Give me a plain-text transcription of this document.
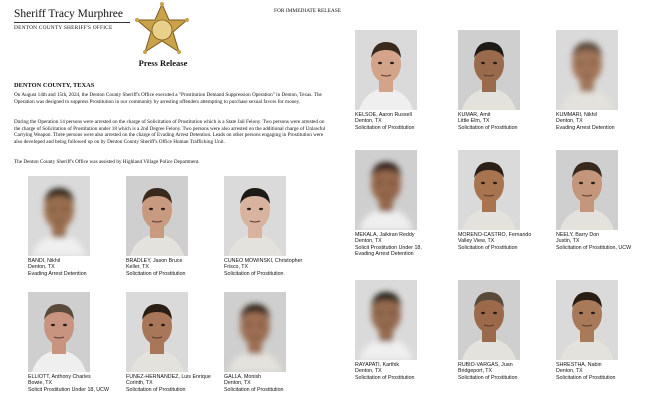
Sheriff Tracy Murphree
DENTON COUNTY SHERIFF'S OFFICE
FOR IMMEDIATE RELEASE
Press Release
DENTON COUNTY, TEXAS
On August 14th and 15th, 2024, the Denton County Sheriff's Office executed a "Prostitution Demand Suppression Operation" in Denton, Texas. The Operation was designed to suppress Prostitution in our community by arresting offenders attempting to purchase sexual favors for money.
During the Operation 14 persons were arrested on the charge of Solicitation of Prostitution which is a State Jail Felony. Two persons were arrested on the charge of Solicitation of Prostitution under 18 which is a 2nd Degree Felony. Two persons were also arrested on the additional charge of Unlawful Carrying Weapon. Three persons were also arrested on the charge of Evading Arrest Detention. Leads on other persons engaging in Prostitution were also developed and being followed up on by Denton County Sheriff's Office Human Trafficking Unit.
The Denton County Sheriff's Office was assisted by Highland Village Police Department.
BANDI, Nikhil
Denton, TX
Evading Arrest Detention
BRADLEY, Jason Bruce
Keller, TX
Solicitation of Prostitution
CUNEO MOWINSKI, Christopher
Frisco, TX
Solicitation of Prostitution
ELLIOTT, Anthony Charles
Bowie, TX
Solicit Prostitution Under 18, UCW
FUNEZ-HERNANDEZ, Luis Enrique
Corinth, TX
Solicitation of Prostitution
GALLA, Monish
Denton, TX
Solicitation of Prostitution
KELSOE, Aaron Russell
Denton, TX
Solicitation of Prostitution
KUMAR, Amit
Little Elm, TX
Solicitation of Prostitution
KUMMARI, Nikhil
Denton, TX
Evading Arrest Detention
MEKALA, Jaikiran Reddy
Denton, TX
Solicit Prostitution Under 18,
Evading Arrest Detention
MORENO-CASTRO, Fernando
Valley View, TX
Solicitation of Prostitution
NEELY, Barry Don
Justin, TX
Solicitation of Prostitution, UCW
RAYAPATI, Karthik
Denton, TX
Solicitation of Prostitution
RUBIO-VARGAS, Juan
Bridgeport, TX
Solicitation of Prostitution
SHRESTHA, Nabin
Denton, TX
Solicitation of Prostitution
